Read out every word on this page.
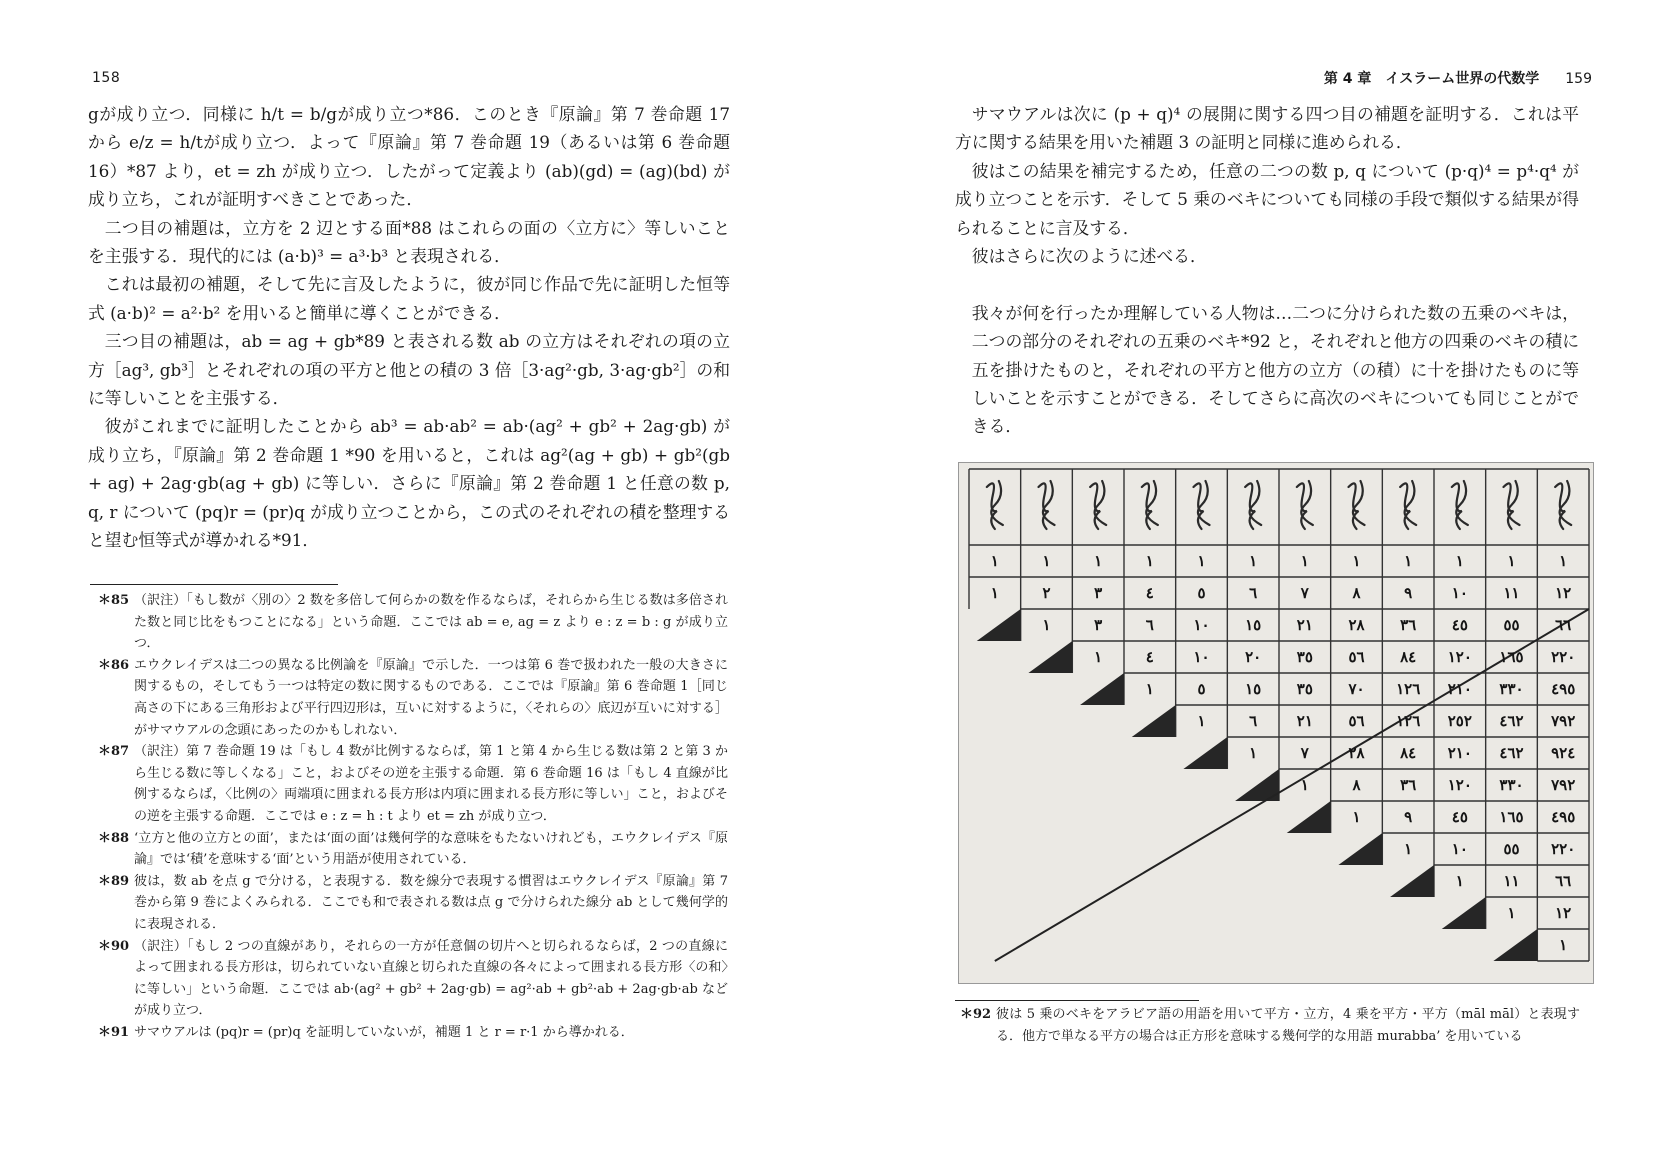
158

gが成り立つ．同様に h/t = b/gが成り立つ*86．このとき『原論』第 7 巻命題 17 から e/z = h/tが成り立つ．よって『原論』第 7 巻命題 19（あるいは第 6 巻命題 16）*87 より，et = zh が成り立つ．したがって定義より (ab)(gd) = (ag)(bd) が成り立ち，これが証明すべきことであった．

二つ目の補題は，立方を 2 辺とする面*88 はこれらの面の〈立方に〉等しいことを主張する．現代的には (a·b)³ = a³·b³ と表現される．

これは最初の補題，そして先に言及したように，彼が同じ作品で先に証明した恒等式 (a·b)² = a²·b² を用いると簡単に導くことができる．

三つ目の補題は，ab = ag + gb*89 と表される数 ab の立方はそれぞれの項の立方［ag³, gb³］とそれぞれの項の平方と他との積の 3 倍［3·ag²·gb, 3·ag·gb²］の和に等しいことを主張する．

彼がこれまでに証明したことから ab³ = ab·ab² = ab·(ag² + gb² + 2ag·gb) が成り立ち，『原論』第 2 巻命題 1 *90 を用いると，これは ag²(ag + gb) + gb²(gb + ag) + 2ag·gb(ag + gb) に等しい．さらに『原論』第 2 巻命題 1 と任意の数 p, q, r について (pq)r = (pr)q が成り立つことから，この式のそれぞれの積を整理すると望む恒等式が導かれる*91．

＊85 （訳注）「もし数が〈別の〉2 数を多倍して何らかの数を作るならば，それらから生じる数は多倍された数と同じ比をもつことになる」という命題．ここでは ab = e, ag = z より e : z = b : g が成り立つ．
＊86 エウクレイデスは二つの異なる比例論を『原論』で示した．一つは第 6 巻で扱われた一般の大きさに関するもの，そしてもう一つは特定の数に関するものである．ここでは『原論』第 6 巻命題 1［同じ高さの下にある三角形および平行四辺形は，互いに対するように，〈それらの〉底辺が互いに対する］がサマウアルの念頭にあったのかもしれない．
＊87 （訳注）第 7 巻命題 19 は「もし 4 数が比例するならば，第 1 と第 4 から生じる数は第 2 と第 3 から生じる数に等しくなる」こと，およびその逆を主張する命題．第 6 巻命題 16 は「もし 4 直線が比例するならば，〈比例の〉両端項に囲まれる長方形は内項に囲まれる長方形に等しい」こと，およびその逆を主張する命題．ここでは e : z = h : t より et = zh が成り立つ．
＊88 ‘立方と他の立方との面’，または‘面の面’は幾何学的な意味をもたないけれども，エウクレイデス『原論』では‘積’を意味する‘面’という用語が使用されている．
＊89 彼は，数 ab を点 g で分ける，と表現する．数を線分で表現する慣習はエウクレイデス『原論』第 7 巻から第 9 巻によくみられる．ここでも和で表される数は点 g で分けられた線分 ab として幾何学的に表現される．
＊90 （訳注）「もし 2 つの直線があり，それらの一方が任意個の切片へと切られるならば，2 つの直線によって囲まれる長方形は，切られていない直線と切られた直線の各々によって囲まれる長方形〈の和〉に等しい」という命題．ここでは ab·(ag² + gb² + 2ag·gb) = ag²·ab + gb²·ab + 2ag·gb·ab などが成り立つ．
＊91 サマウアルは (pq)r = (pr)q を証明していないが，補題 1 と r = r·1 から導かれる．
第 4 章　イスラーム世界の代数学 159

サマウアルは次に (p + q)⁴ の展開に関する四つ目の補題を証明する．これは平方に関する結果を用いた補題 3 の証明と同様に進められる．

彼はこの結果を補完するため，任意の二つの数 p, q について (p·q)⁴ = p⁴·q⁴ が成り立つことを示す．そして 5 乗のベキについても同様の手段で類似する結果が得られることに言及する．

彼はさらに次のように述べる．

我々が何を行ったか理解している人物は…二つに分けられた数の五乗のベキは，二つの部分のそれぞれの五乗のベキ*92 と，それぞれと他方の四乗のベキの積に五を掛けたものと，それぞれの平方と他方の立方（の積）に十を掛けたものに等しいことを示すことができる．そしてさらに高次のベキについても同じことができる．
＊92 彼は 5 乗のベキをアラビア語の用語を用いて平方・立方，4 乗を平方・平方（māl māl）と表現する．他方で単なる平方の場合は正方形を意味する幾何学的な用語 murabba’ を用いている
١
١
١
١
١
١
١
١
١
١
١
١
١٢
١١
١٠
٩
٨
٧
٦
٥
٤
٣
٢
١
٦٦
٥٥
٤٥
٣٦
٢٨
٢١
١٥
١٠
٦
٣
١
٢٢٠
١٦٥
١٢٠
٨٤
٥٦
٣٥
٢٠
١٠
٤
١
٤٩٥
٣٣٠
٢١٠
١٢٦
٧٠
٣٥
١٥
٥
١
٧٩٢
٤٦٢
٢٥٢
١٢٦
٥٦
٢١
٦
١
٩٢٤
٤٦٢
٢١٠
٨٤
٢٨
٧
١
٧٩٢
٣٣٠
١٢٠
٣٦
٨
١
٤٩٥
١٦٥
٤٥
٩
١
٢٢٠
٥٥
١٠
١
٦٦
١١
١
١٢
١
١
